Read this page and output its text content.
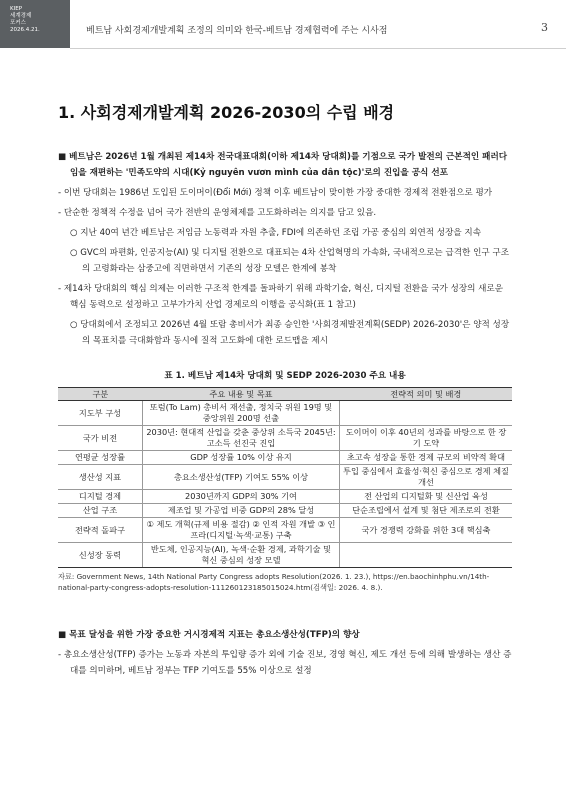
KIEP
세계경제
포커스
2026.4.21.	베트남 사회경제개발계획 조정의 의미와 한국-베트남 경제협력에 주는 시사점	3
1. 사회경제개발계획 2026-2030의 수립 배경

■ 베트남은 2026년 1월 개최된 제14차 전국대표대회(이하 제14차 당대회)를 기점으로 국가 발전의 근본적인 패러다임을 재편하는 '민족도약의 시대(Kỷ nguyên vươn mình của dân tộc)'로의 진입을 공식 선포

- 이번 당대회는 1986년 도입된 도이머이(Đổi Mới) 정책 이후 베트남이 맞이한 가장 중대한 경제적 전환점으로 평가

- 단순한 정책적 수정을 넘어 국가 전반의 운영체제를 고도화하려는 의지를 담고 있음.

○ 지난 40여 년간 베트남은 저임금 노동력과 자원 추출, FDI에 의존하던 조립 가공 중심의 외연적 성장을 지속

○ GVC의 파편화, 인공지능(AI) 및 디지털 전환으로 대표되는 4차 산업혁명의 가속화, 국내적으로는 급격한 인구 구조의 고령화라는 삼중고에 직면하면서 기존의 성장 모델은 한계에 봉착

- 제14차 당대회의 핵심 의제는 이러한 구조적 한계를 돌파하기 위해 과학기술, 혁신, 디지털 전환을 국가 성장의 새로운 핵심 동력으로 설정하고 고부가가치 산업 경제로의 이행을 공식화(표 1 참고)

○ 당대회에서 조정되고 2026년 4월 또람 총비서가 최종 승인한 '사회경제발전계획(SEDP) 2026-2030'은 양적 성장의 목표치를 극대화함과 동시에 질적 고도화에 대한 로드맵을 제시

표 1. 베트남 제14차 당대회 및 SEDP 2026-2030 주요 내용
구분	주요 내용 및 목표	전략적 의미 및 배경
지도부 구성	또럼(To Lam) 총비서 재선출, 정치국 위원 19명 및 중앙위원 200명 선출	
국가 비전	2030년: 현대적 산업을 갖춘 중상위 소득국 2045년: 고소득 선진국 진입	도이머이 이후 40년의 성과를 바탕으로 한 장기 도약
연평균 성장률	GDP 성장률 10% 이상 유지	초고속 성장을 통한 경제 규모의 비약적 확대
생산성 지표	총요소생산성(TFP) 기여도 55% 이상	투입 중심에서 효율성·혁신 중심으로 경제 체질 개선
디지털 경제	2030년까지 GDP의 30% 기여	전 산업의 디지털화 및 신산업 육성
산업 구조	제조업 및 가공업 비중 GDP의 28% 달성	단순조립에서 설계 및 첨단 제조로의 전환
전략적 돌파구	① 제도 개혁(규제 비용 절감) ② 인적 자원 개발 ③ 인프라(디지털·녹색·교통) 구축	국가 경쟁력 강화를 위한 3대 핵심축
신성장 동력	반도체, 인공지능(AI), 녹색·순환 경제, 과학기술 및 혁신 중심의 성장 모델	

자료: Government News, 14th National Party Congress adopts Resolution(2026. 1. 23.), https://en.baochinhphu.vn/14th-national-party-congress-adopts-resolution-111260123185015024.htm(검색일: 2026. 4. 8.).

■ 목표 달성을 위한 가장 중요한 거시경제적 지표는 총요소생산성(TFP)의 향상

- 총요소생산성(TFP) 증가는 노동과 자본의 투입량 증가 외에 기술 진보, 경영 혁신, 제도 개선 등에 의해 발생하는 생산 증대를 의미하며, 베트남 정부는 TFP 기여도를 55% 이상으로 설정
